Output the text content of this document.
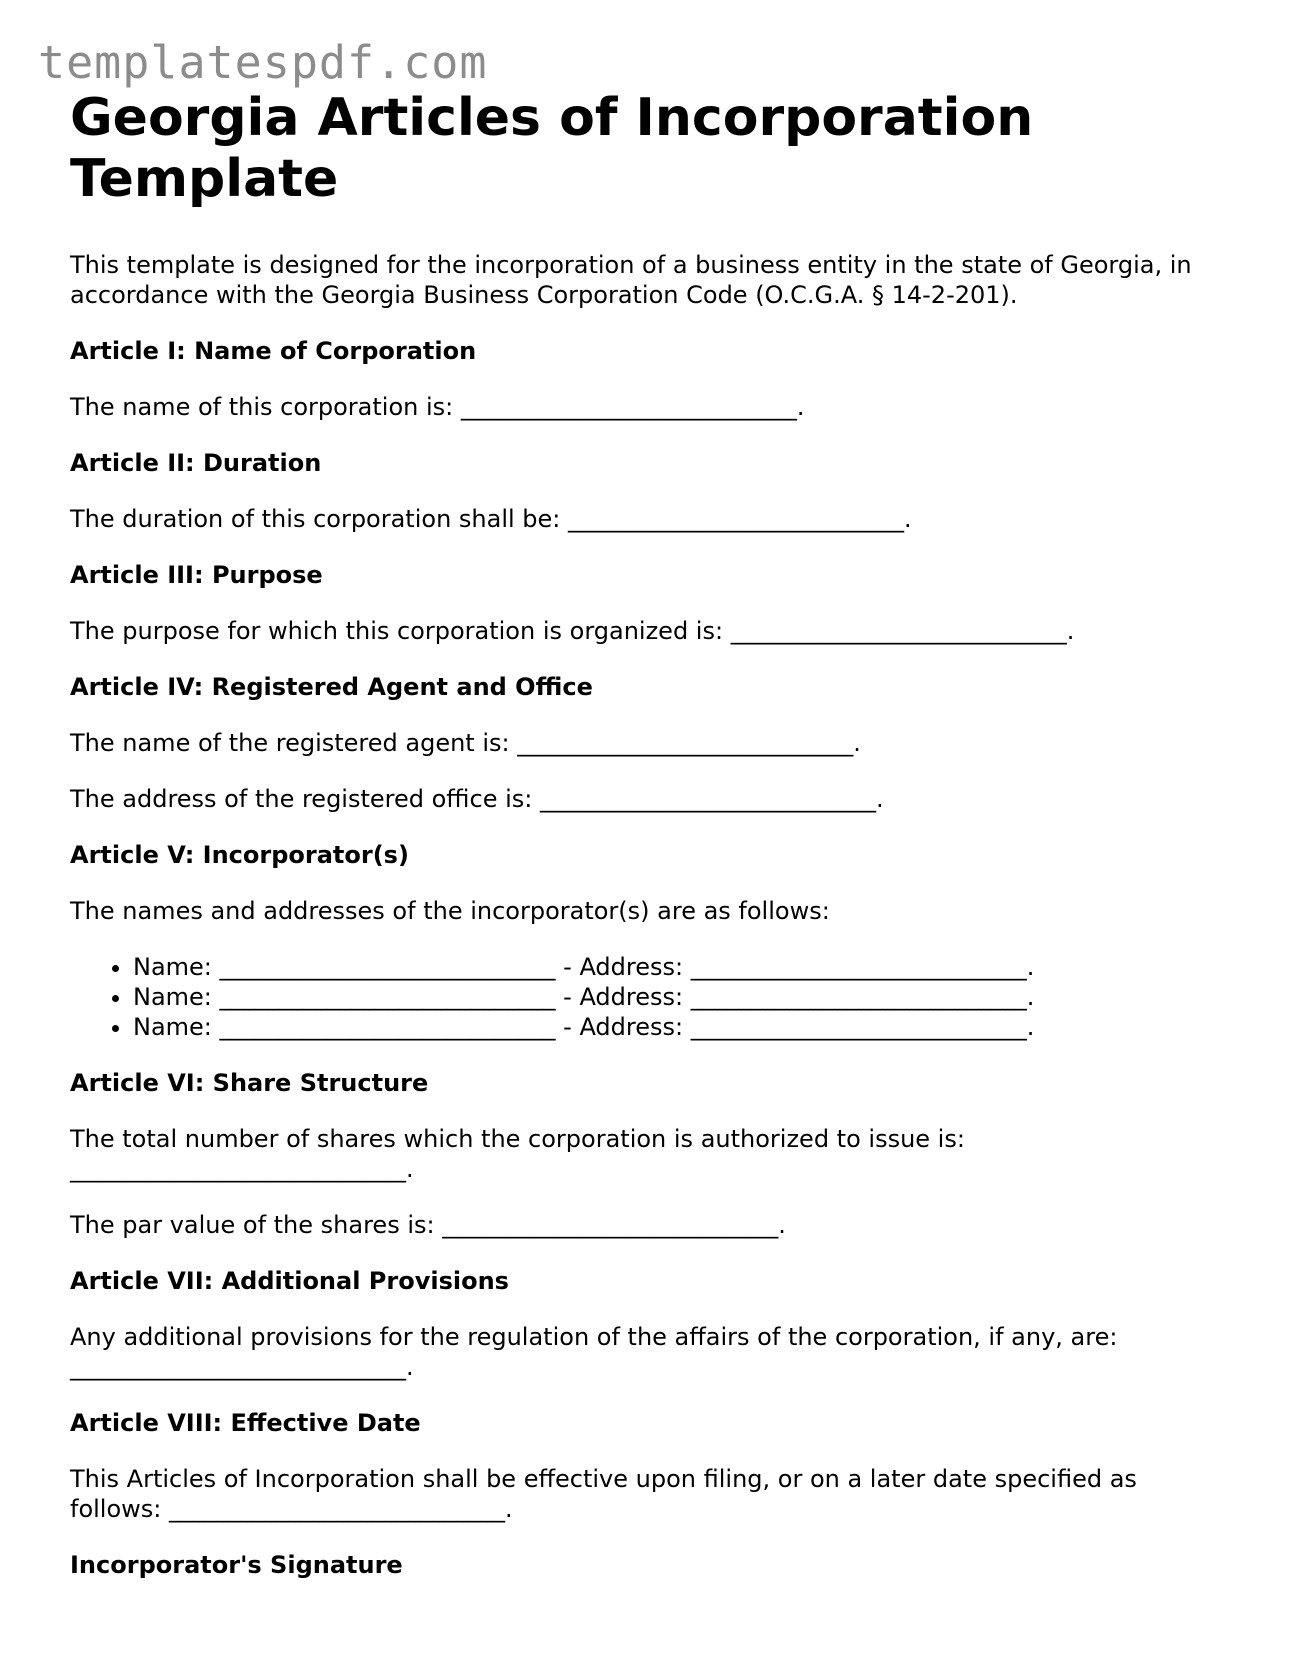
templatespdf.com
Georgia Articles of Incorporation Template

This template is designed for the incorporation of a business entity in the state of Georgia, in accordance with the Georgia Business Corporation Code (O.C.G.A. § 14-2-201).

Article I: Name of Corporation

The name of this corporation is: ____________________________.

Article II: Duration

The duration of this corporation shall be: ____________________________.

Article III: Purpose

The purpose for which this corporation is organized is: ____________________________.

Article IV: Registered Agent and Office

The name of the registered agent is: ____________________________.

The address of the registered office is: ____________________________.

Article V: Incorporator(s)

The names and addresses of the incorporator(s) are as follows:

• Name: ____________________________ - Address: ____________________________.
• Name: ____________________________ - Address: ____________________________.
• Name: ____________________________ - Address: ____________________________.
Article VI: Share Structure

The total number of shares which the corporation is authorized to issue is: ____________________________.

The par value of the shares is: ____________________________.

Article VII: Additional Provisions

Any additional provisions for the regulation of the affairs of the corporation, if any, are: ____________________________.

Article VIII: Effective Date

This Articles of Incorporation shall be effective upon filing, or on a later date specified as follows: ____________________________.

Incorporator's Signature
